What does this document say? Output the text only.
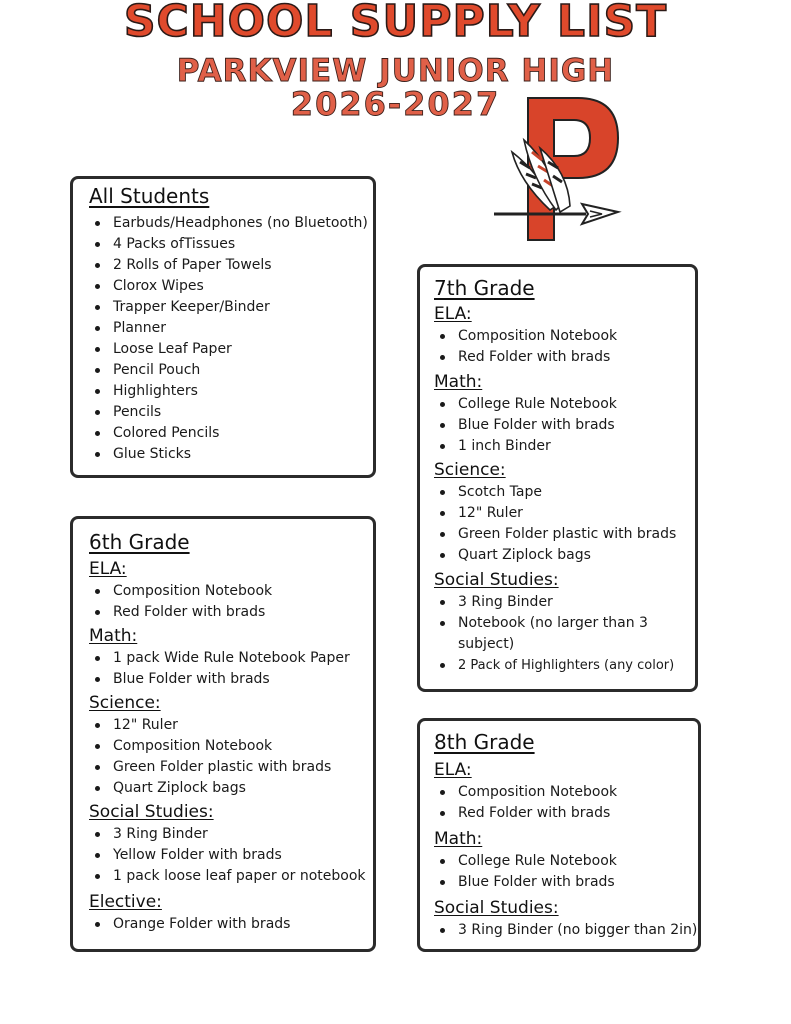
SCHOOL SUPPLY LIST
PARKVIEW JUNIOR HIGH
2026-2027
All Students
Earbuds/Headphones (no Bluetooth)
4 Packs ofTissues
2 Rolls of Paper Towels
Clorox Wipes
Trapper Keeper/Binder
Planner
Loose Leaf Paper
Pencil Pouch
Highlighters
Pencils
Colored Pencils
Glue Sticks
6th Grade
ELA:
Composition Notebook
Red Folder with brads
Math:
1 pack Wide Rule Notebook Paper
Blue Folder with brads
Science:
12" Ruler
Composition Notebook
Green Folder plastic with brads
Quart Ziplock bags
Social Studies:
3 Ring Binder
Yellow Folder with brads
1 pack loose leaf paper or notebook
Elective:
Orange Folder with brads
7th Grade
ELA:
Composition Notebook
Red Folder with brads
Math:
College Rule Notebook
Blue Folder with brads
1 inch Binder
Science:
Scotch Tape
12" Ruler
Green Folder plastic with brads
Quart Ziplock bags
Social Studies:
3 Ring Binder
Notebook (no larger than 3 subject)
2 Pack of Highlighters (any color)
8th Grade
ELA:
Composition Notebook
Red Folder with brads
Math:
College Rule Notebook
Blue Folder with brads
Social Studies:
3 Ring Binder (no bigger than 2in)
